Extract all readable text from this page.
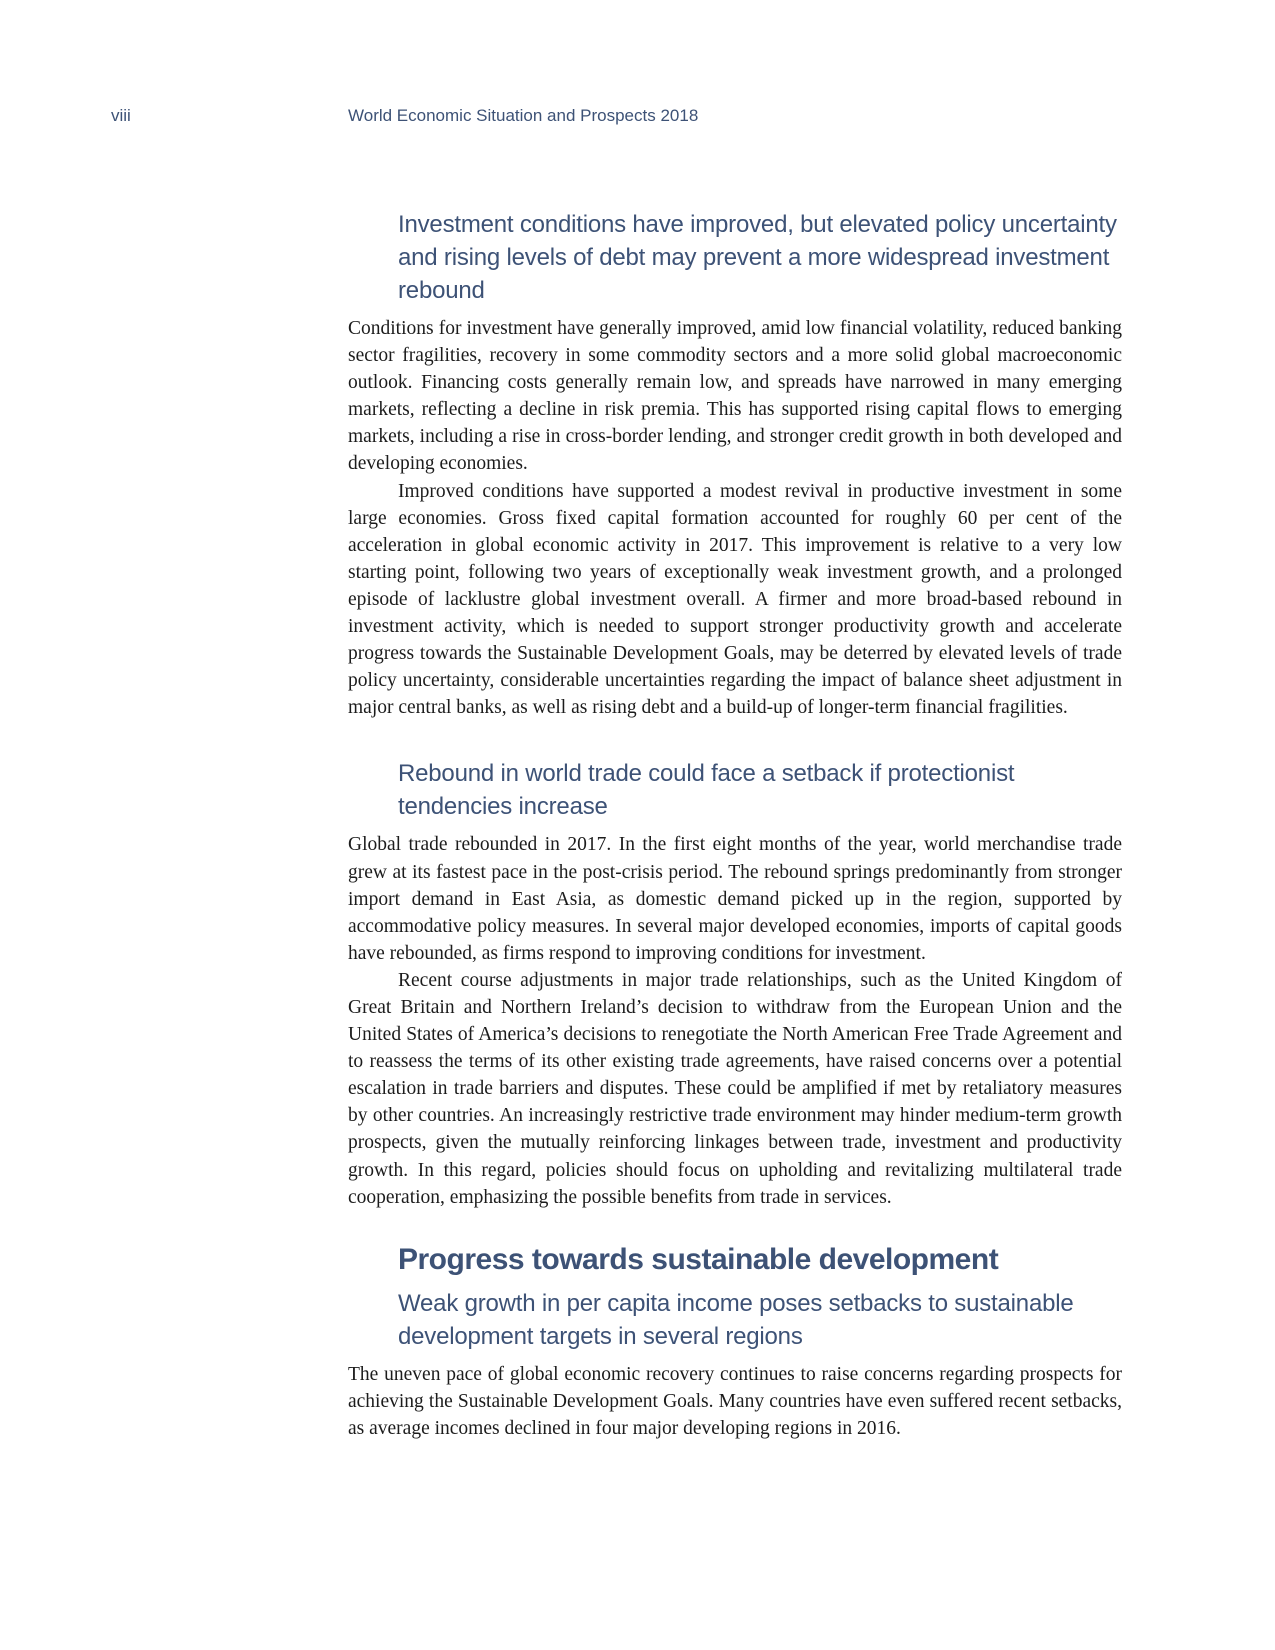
viii	World Economic Situation and Prospects 2018
Investment conditions have improved, but elevated policy uncertainty and rising levels of debt may prevent a more widespread investment rebound

Conditions for investment have generally improved, amid low financial volatility, reduced banking sector fragilities, recovery in some commodity sectors and a more solid global macroeconomic outlook. Financing costs generally remain low, and spreads have narrowed in many emerging markets, reflecting a decline in risk premia. This has supported rising capital flows to emerging markets, including a rise in cross-border lending, and stronger credit growth in both developed and developing economies.

Improved conditions have supported a modest revival in productive investment in some large economies. Gross fixed capital formation accounted for roughly 60 per cent of the acceleration in global economic activity in 2017. This improvement is relative to a very low starting point, following two years of exceptionally weak investment growth, and a prolonged episode of lacklustre global investment overall. A firmer and more broad-based rebound in investment activity, which is needed to support stronger productivity growth and accelerate progress towards the Sustainable Development Goals, may be deterred by elevated levels of trade policy uncertainty, considerable uncertainties regarding the impact of balance sheet adjustment in major central banks, as well as rising debt and a build-up of longer-term financial fragilities.

Rebound in world trade could face a setback if protectionist tendencies increase

Global trade rebounded in 2017. In the first eight months of the year, world merchandise trade grew at its fastest pace in the post-crisis period. The rebound springs predominantly from stronger import demand in East Asia, as domestic demand picked up in the region, supported by accommodative policy measures. In several major developed economies, imports of capital goods have rebounded, as firms respond to improving conditions for investment.

Recent course adjustments in major trade relationships, such as the United Kingdom of Great Britain and Northern Ireland’s decision to withdraw from the European Union and the United States of America’s decisions to renegotiate the North American Free Trade Agreement and to reassess the terms of its other existing trade agreements, have raised concerns over a potential escalation in trade barriers and disputes. These could be amplified if met by retaliatory measures by other countries. An increasingly restrictive trade environment may hinder medium-term growth prospects, given the mutually reinforcing linkages between trade, investment and productivity growth. In this regard, policies should focus on upholding and revitalizing multilateral trade cooperation, emphasizing the possible benefits from trade in services.

Progress towards sustainable development
Weak growth in per capita income poses setbacks to sustainable development targets in several regions

The uneven pace of global economic recovery continues to raise concerns regarding prospects for achieving the Sustainable Development Goals. Many countries have even suffered recent setbacks, as average incomes declined in four major developing regions in 2016.
